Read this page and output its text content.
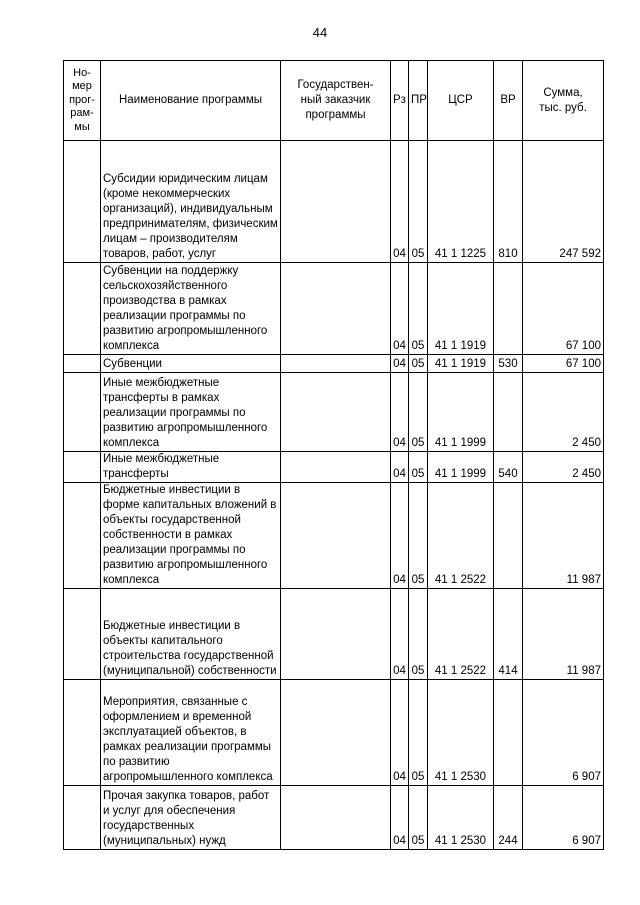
44
Но-
мер
прог-
рам-
мы	Наименование программы	Государствен-
ный заказчик
программы	Рз	ПР	ЦСР	ВР	Сумма,
тыс. руб.
	Субсидии юридическим лицам (кроме некоммерческих организаций), индивидуальным предпринимателям, физическим лицам – производителям товаров, работ, услуг		04	05	41 1 1225	810	247 592
	Субвенции на поддержку сельскохозяйственного производства в рамках реализации программы по развитию агропромышленного комплекса		04	05	41 1 1919		67 100
	Субвенции		04	05	41 1 1919	530	67 100
	Иные межбюджетные трансферты в рамках реализации программы по развитию агропромышленного комплекса		04	05	41 1 1999		2 450
	Иные межбюджетные трансферты		04	05	41 1 1999	540	2 450
	Бюджетные инвестиции в форме капитальных вложений в объекты государственной собственности в рамках реализации программы по развитию агропромышленного комплекса		04	05	41 1 2522		11 987
	Бюджетные инвестиции в объекты капитального строительства государственной (муниципальной) собственности		04	05	41 1 2522	414	11 987
	Мероприятия, связанные с оформлением и временной эксплуатацией объектов, в рамках реализации программы по развитию агропромышленного комплекса		04	05	41 1 2530		6 907
	Прочая закупка товаров, работ и услуг для обеспечения государственных (муниципальных) нужд		04	05	41 1 2530	244	6 907
